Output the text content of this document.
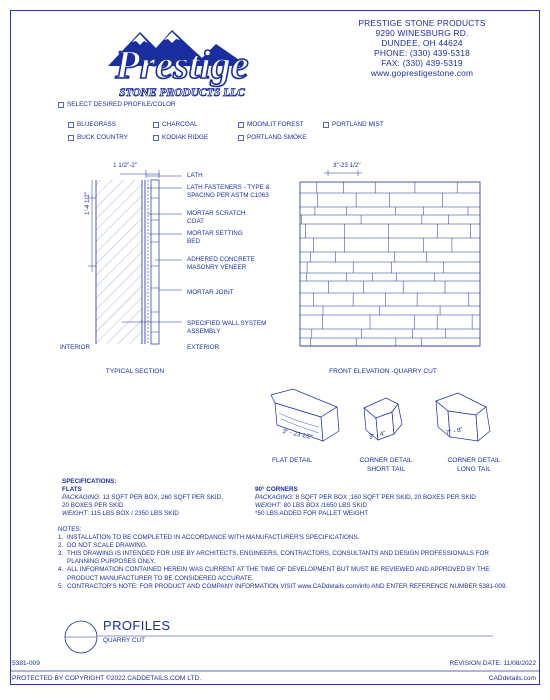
Prestige
STONE PRODUCTS LLC
PRESTIGE STONE PRODUCTS
9290 WINESBURG RD.
DUNDEE, OH 44624
PHONE: (330) 439-5318
FAX: (330) 439-5319
www.goprestigestone.com
SELECT DESIRED PROFILE/COLOR
BLUEGRASS	CHARCOAL	MOONLIT FOREST	PORTLAND MIST
BUCK COUNTRY	KODIAK RIDGE	PORTLAND SMOKE
1 1/2"-2"
1'-4 1/2"
LATH
LATH FASTENERS - TYPE & SPACING PER ASTM C1063
MORTAR SCRATCH COAT
MORTAR SETTING BED
ADHERED CONCRETE MASONRY VENEER
MORTAR JOINT
SPECIFIED WALL SYSTEM ASSEMBLY
INTERIOR	EXTERIOR
TYPICAL SECTION
3"-23 1/2"
FRONT ELEVATION -QUARRY CUT
3" - 23 1/2"
FLAT DETAIL
3" - 4"
CORNER DETAIL
SHORT TAIL
7" - 8"
CORNER DETAIL
LONG TAIL
SPECIFICATIONS:
FLATS
PACKAGING: 13 SQFT PER BOX, 260 SQFT PER SKID,
20 BOXES PER SKID
WEIGHT: 115 LBS BOX / 2350 LBS SKID
90° CORNERS
PACKAGING: 8 SQFT PER BOX ;160 SQFT PER SKID, 20 BOXES PER SKID
WEIGHT: 80 LBS BOX /1650 LBS SKID
*50 LBS ADDED FOR PALLET WEIGHT
NOTES:
1. INSTALLATION TO BE COMPLETED IN ACCORDANCE WITH MANUFACTURER'S SPECIFICATIONS.
2. DO NOT SCALE DRAWING.
3. THIS DRAWING IS INTENDED FOR USE BY ARCHITECTS, ENGINEERS, CONTRACTORS, CONSULTANTS AND DESIGN PROFESSIONALS FOR PLANNING PURPOSES ONLY.
4. ALL INFORMATION CONTAINED HEREIN WAS CURRENT AT THE TIME OF DEVELOPMENT BUT MUST BE REVIEWED AND APPROVED BY THE PRODUCT MANUFACTURER TO BE CONSIDERED ACCURATE.
5. CONTRACTOR'S NOTE: FOR PRODUCT AND COMPANY INFORMATION VISIT www.CADdetails.com/info AND ENTER REFERENCE NUMBER 5381-009.
PROFILES
QUARRY CUT
5381-009	REVISION DATE: 11/08/2022
PROTECTED BY COPYRIGHT ©2022 CADDETAILS.COM LTD.	CADdetails.com
